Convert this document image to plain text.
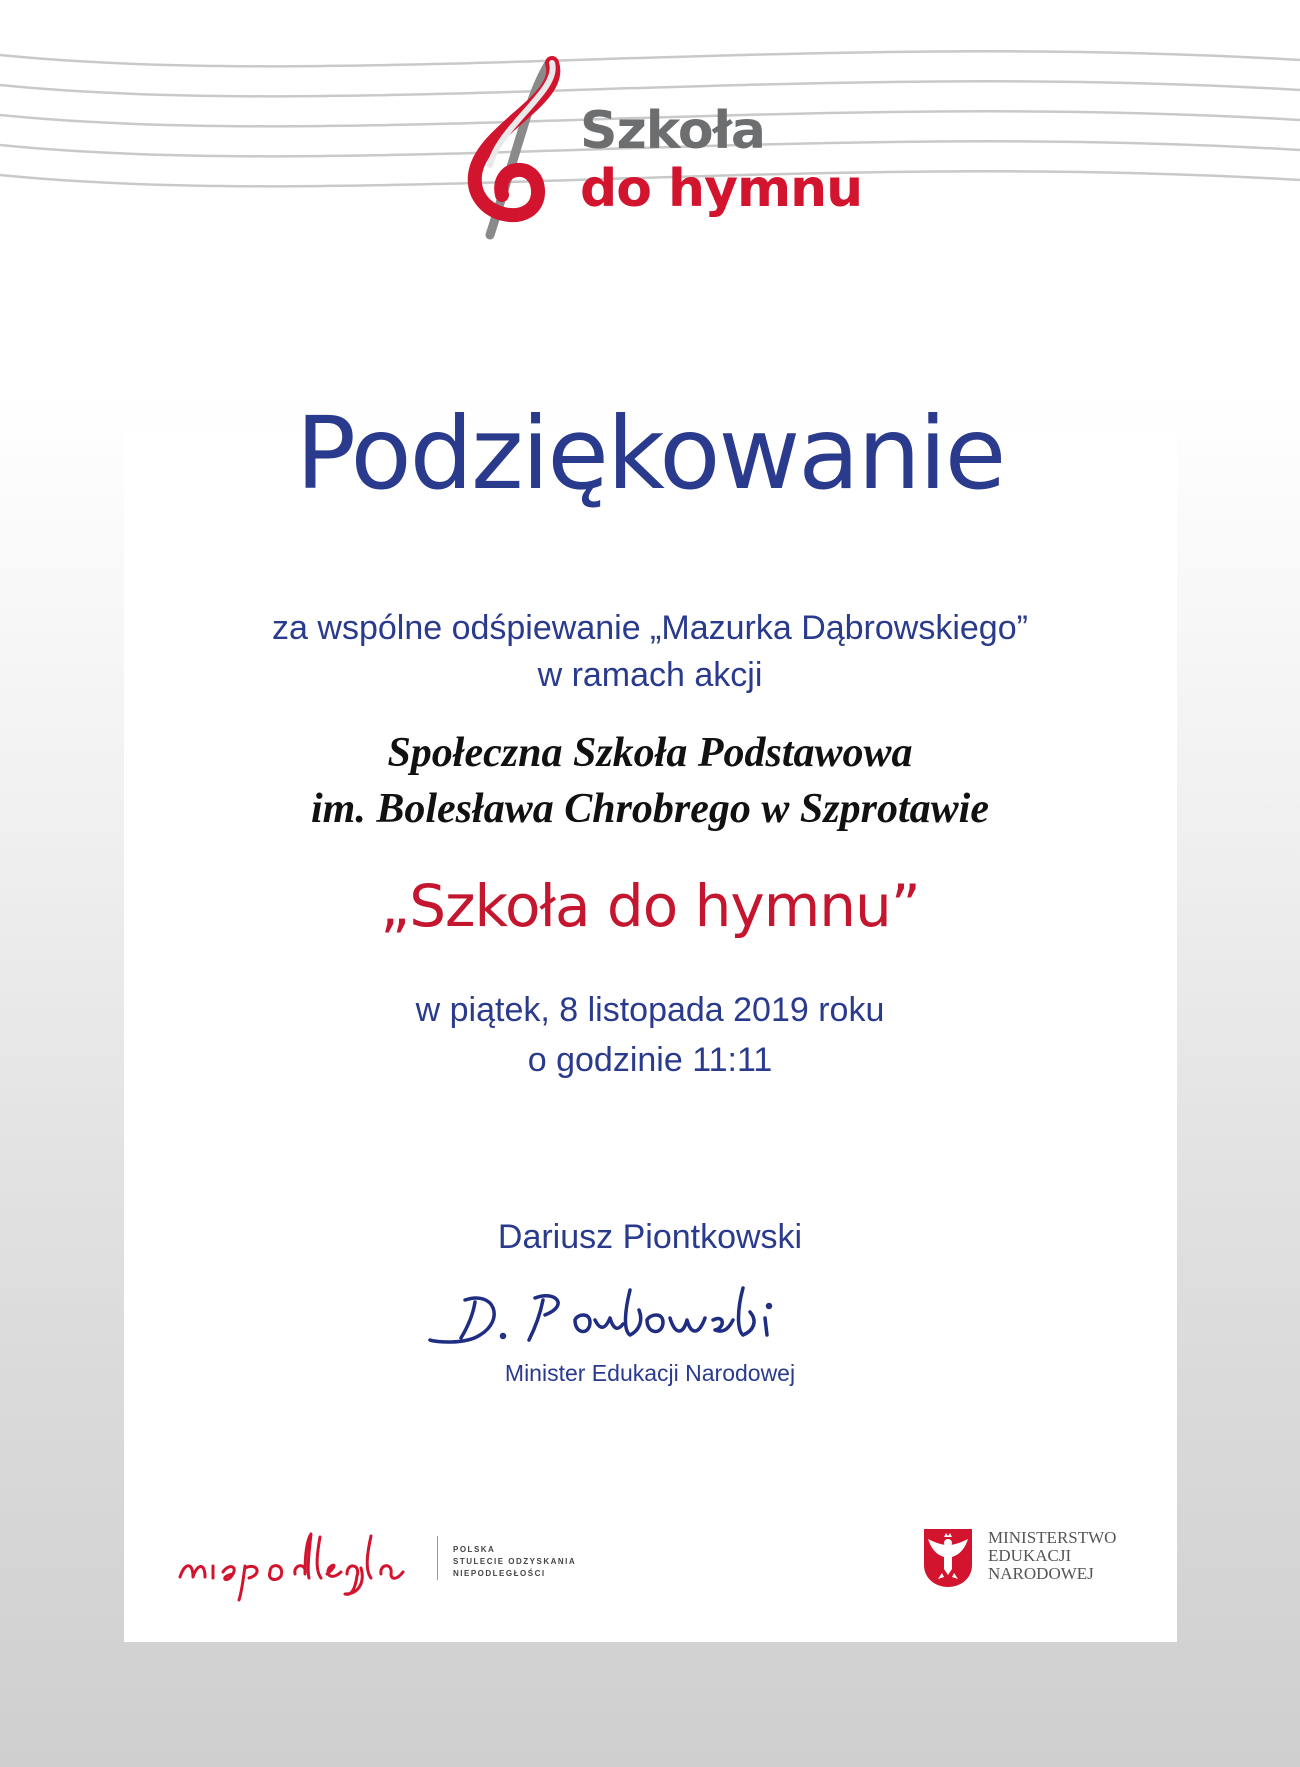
Szkoła
do hymnu
Podziękowanie
za wspólne odśpiewanie „Mazurka Dąbrowskiego”
w ramach akcji
Społeczna Szkoła Podstawowa
im. Bolesława Chrobrego w Szprotawie
„Szkoła do hymnu”
w piątek, 8 listopada 2019 roku
o godzinie 11:11
Dariusz Piontkowski
Minister Edukacji Narodowej
POLSKA
STULECIE ODZYSKANIA
NIEPODLEGŁOŚCI
MINISTERSTWO
EDUKACJI
NARODOWEJ
